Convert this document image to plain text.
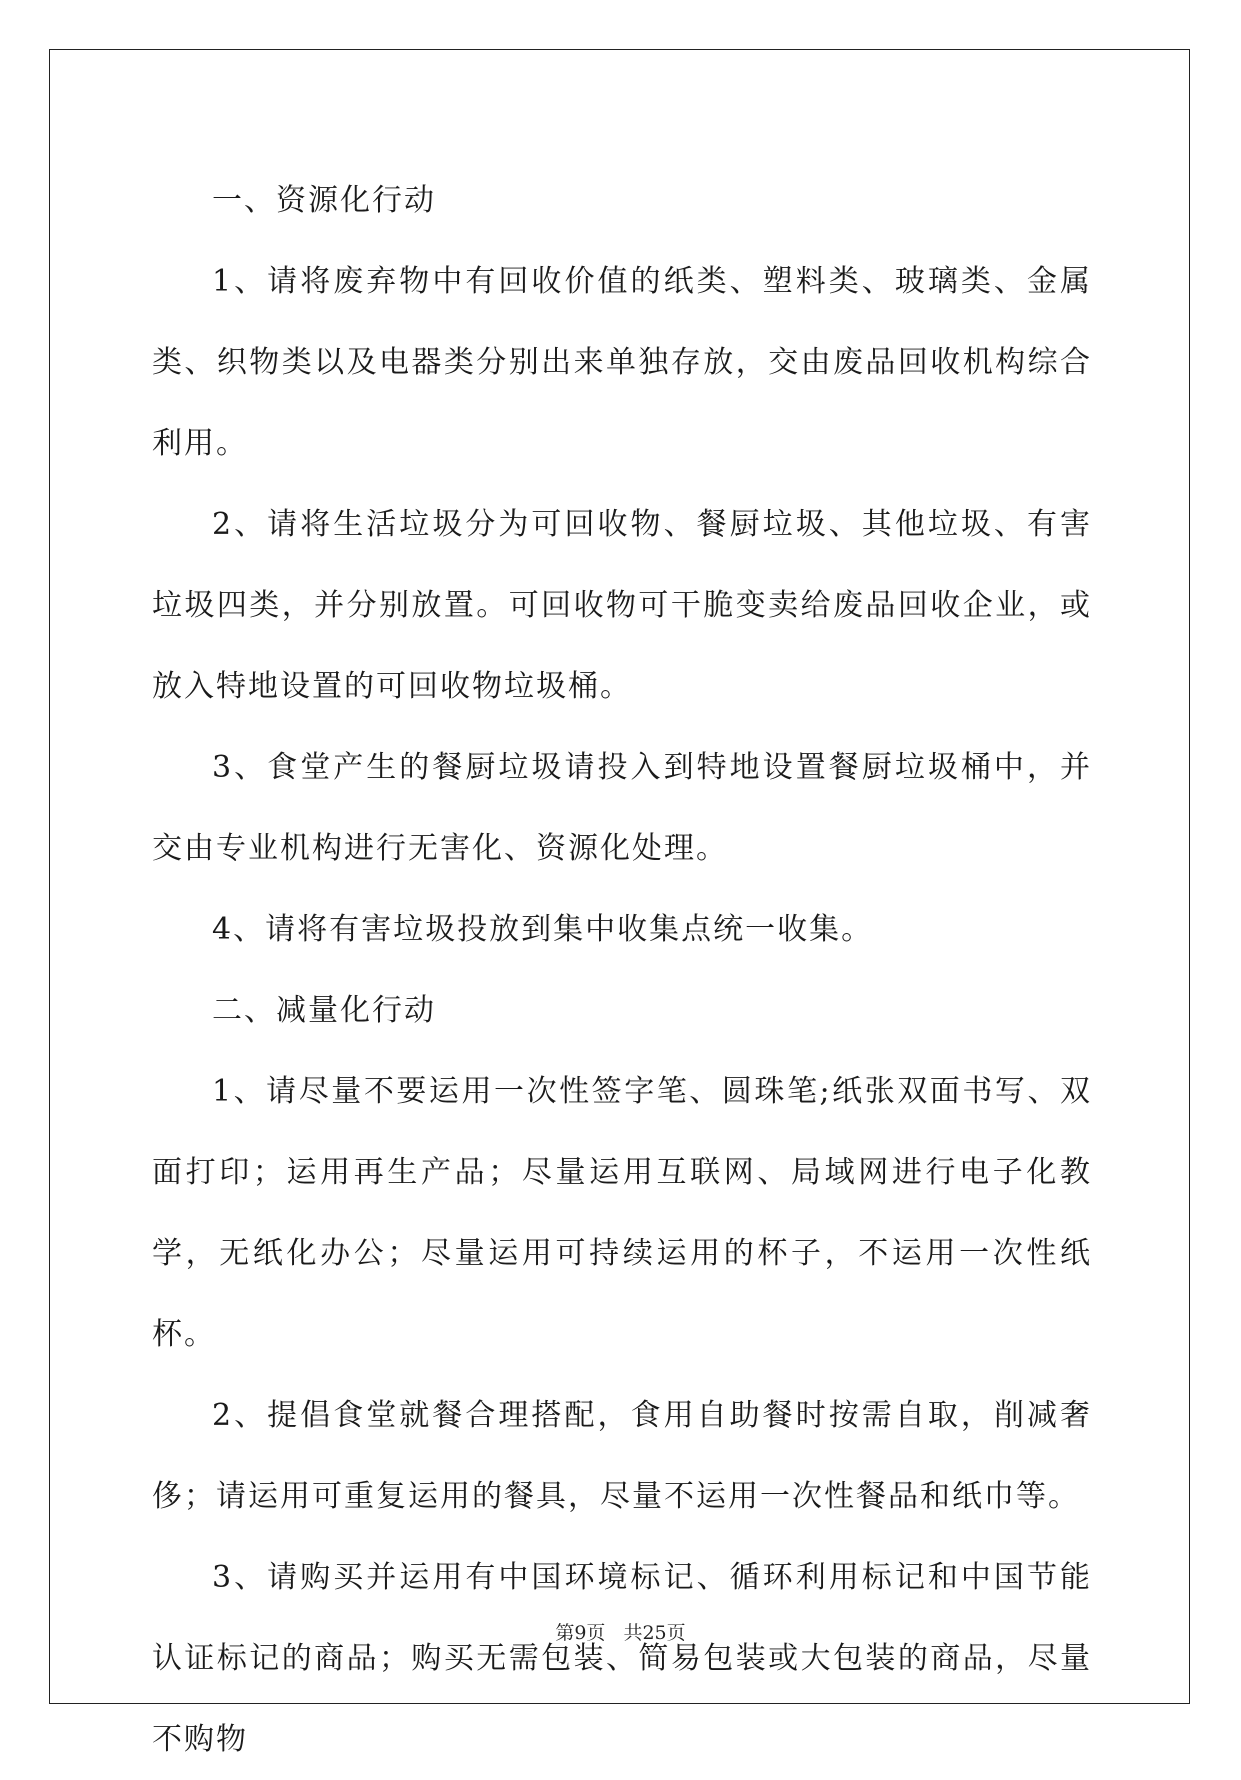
一、资源化行动

1、请将废弃物中有回收价值的纸类、塑料类、玻璃类、金属类、织物类以及电器类分别出来单独存放，交由废品回收机构综合利用。

2、请将生活垃圾分为可回收物、餐厨垃圾、其他垃圾、有害垃圾四类，并分别放置。可回收物可干脆变卖给废品回收企业，或放入特地设置的可回收物垃圾桶。

3、食堂产生的餐厨垃圾请投入到特地设置餐厨垃圾桶中，并交由专业机构进行无害化、资源化处理。

4、请将有害垃圾投放到集中收集点统一收集。

二、减量化行动

1、请尽量不要运用一次性签字笔、圆珠笔;纸张双面书写、双面打印；运用再生产品；尽量运用互联网、局域网进行电子化教学，无纸化办公；尽量运用可持续运用的杯子，不运用一次性纸杯。

2、提倡食堂就餐合理搭配，食用自助餐时按需自取，削减奢侈；请运用可重复运用的餐具，尽量不运用一次性餐品和纸巾等。

3、请购买并运用有中国环境标记、循环利用标记和中国节能认证标记的商品；购买无需包装、简易包装或大包装的商品，尽量不购物

第9页 共25页
